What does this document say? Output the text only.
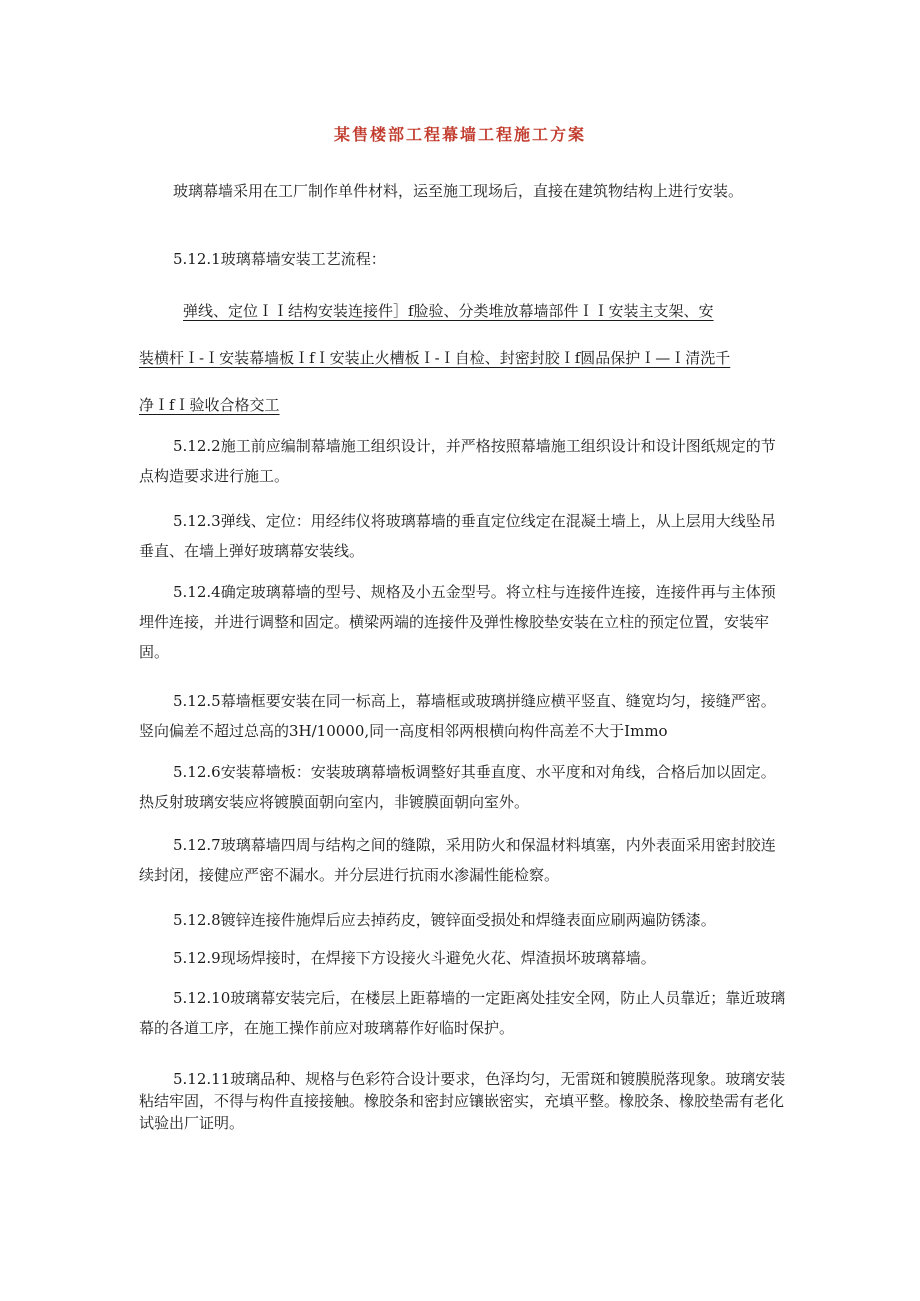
某售楼部工程幕墙工程施工方案

玻璃幕墙采用在工厂制作单件材料，运至施工现场后，直接在建筑物结构上进行安装。

5.12.1玻璃幕墙安装工艺流程：

弹线、定位ＩＩ结构安装连接件］f脸验、分类堆放幕墙部件ＩＩ安装主支架、安

装横杆Ｉ-Ｉ安装幕墙板ＩfＩ安装止火槽板Ｉ-Ｉ自检、封密封胶Ｉf圆品保护Ｉ—Ｉ清洗千

净ＩfＩ验收合格交工

5.12.2施工前应编制幕墙施工组织设计，并严格按照幕墙施工组织设计和设计图纸规定的节点构造要求进行施工。

5.12.3弹线、定位：用经纬仪将玻璃幕墙的垂直定位线定在混凝土墙上，从上层用大线坠吊垂直、在墙上弹好玻璃幕安装线。

5.12.4确定玻璃幕墙的型号、规格及小五金型号。将立柱与连接件连接，连接件再与主体预埋件连接，并进行调整和固定。横梁两端的连接件及弹性橡胶垫安装在立柱的预定位置，安装牢固。

5.12.5幕墙框要安装在同一标高上，幕墙框或玻璃拼缝应横平竖直、缝宽均匀，接缝严密。竖向偏差不超过总高的3H/10000,同一高度相邻两根横向构件高差不大于Immo

5.12.6安装幕墙板：安装玻璃幕墙板调整好其垂直度、水平度和对角线，合格后加以固定。热反射玻璃安装应将镀膜面朝向室内，非镀膜面朝向室外。

5.12.7玻璃幕墙四周与结构之间的缝隙，采用防火和保温材料填塞，内外表面采用密封胶连续封闭，接健应严密不漏水。并分层进行抗雨水渗漏性能检察。

5.12.8镀锌连接件施焊后应去掉药皮，镀锌面受损处和焊缝表面应刷两遍防锈漆。

5.12.9现场焊接时，在焊接下方设接火斗避免火花、焊渣损坏玻璃幕墙。

5.12.10玻璃幕安装完后，在楼层上距幕墙的一定距离处挂安全网，防止人员靠近；靠近玻璃幕的各道工序，在施工操作前应对玻璃幕作好临时保护。

5.12.11玻璃品种、规格与色彩符合设计要求，色泽均匀，无雷斑和镀膜脱落现象。玻璃安装粘结牢固，不得与构件直接接触。橡胶条和密封应镶嵌密实，充填平整。橡胶条、橡胶垫需有老化试验出厂证明。
